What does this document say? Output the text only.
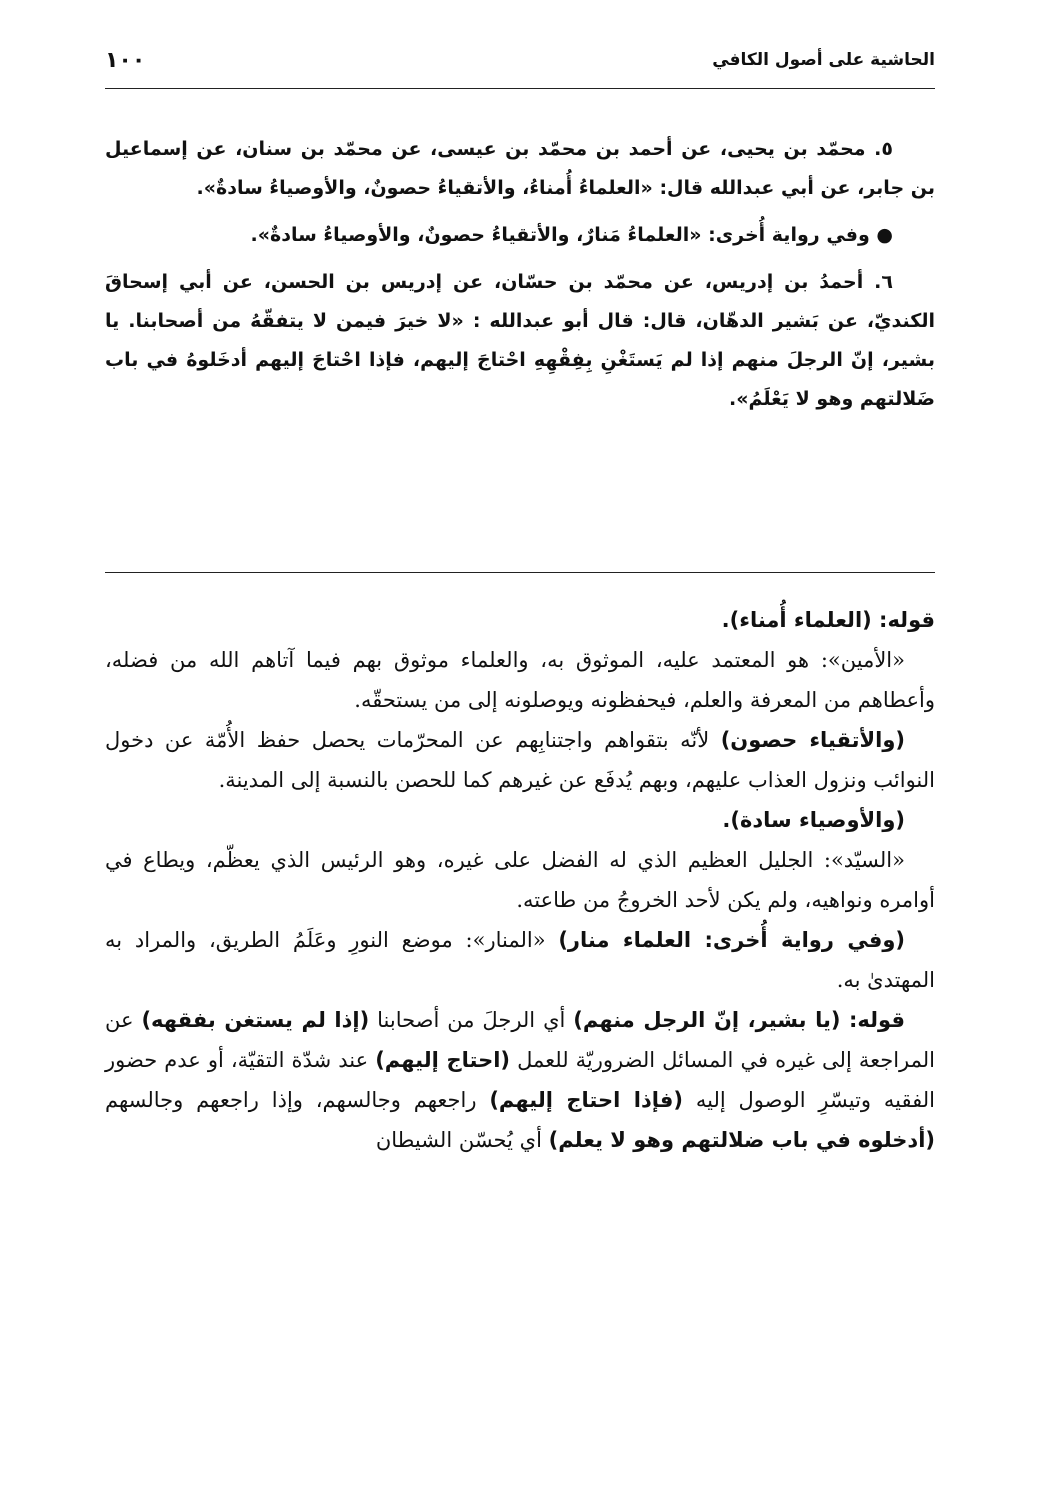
الحاشية على أصول الكافي
١٠٠

٥. محمّد بن يحيى، عن أحمد بن محمّد بن عيسى، عن محمّد بن سنان، عن إسماعيل بن جابر، عن أبي عبدالله قال: «العلماءُ أُمناءُ، والأتقياءُ حصونٌ، والأوصياءُ سادةٌ».

● وفي رواية أُخرى: «العلماءُ مَنارٌ، والأتقياءُ حصونٌ، والأوصياءُ سادةٌ».

٦. أحمدُ بن إدريس، عن محمّد بن حسّان، عن إدريس بن الحسن، عن أبي إسحاقَ الكنديّ، عن بَشير الدهّان، قال: قال أبو عبدالله : «لا خيرَ فيمن لا يتفقّهُ من أصحابنا. يا بشير، إنّ الرجلَ منهم إذا لم يَستَغْنِ بِفِقْهِهِ احْتاجَ إليهم، فإذا احْتاجَ إليهم أدخَلوهُ في باب ضَلالتهم وهو لا يَعْلَمُ».

قوله: (العلماء أُمناء).

«الأمين»: هو المعتمد عليه، الموثوق به، والعلماء موثوق بهم فيما آتاهم الله من فضله، وأعطاهم من المعرفة والعلم، فيحفظونه ويوصلونه إلى من يستحقّه.

(والأتقياء حصون) لأنّه بتقواهم واجتنابِهم عن المحرّمات يحصل حفظ الأُمّة عن دخول النوائب ونزول العذاب عليهم، وبهم يُدفَع عن غيرهم كما للحصن بالنسبة إلى المدينة.

(والأوصياء سادة).

«السيّد»: الجليل العظيم الذي له الفضل على غيره، وهو الرئيس الذي يعظّم، ويطاع في أوامره ونواهيه، ولم يكن لأحد الخروجُ من طاعته.

(وفي رواية أُخرى: العلماء منار) «المنار»: موضع النورِ وعَلَمُ الطريق، والمراد به المهتدىٰ به.

قوله: (يا بشير، إنّ الرجل منهم) أي الرجلَ من أصحابنا (إذا لم يستغن بفقهه) عن المراجعة إلى غيره في المسائل الضروريّة للعمل (احتاج إليهم) عند شدّة التقيّة، أو عدم حضور الفقيه وتيسّرِ الوصول إليه (فإذا احتاج إليهم) راجعهم وجالسهم، وإذا راجعهم وجالسهم (أدخلوه في باب ضلالتهم وهو لا يعلم) أي يُحسّن الشيطان
